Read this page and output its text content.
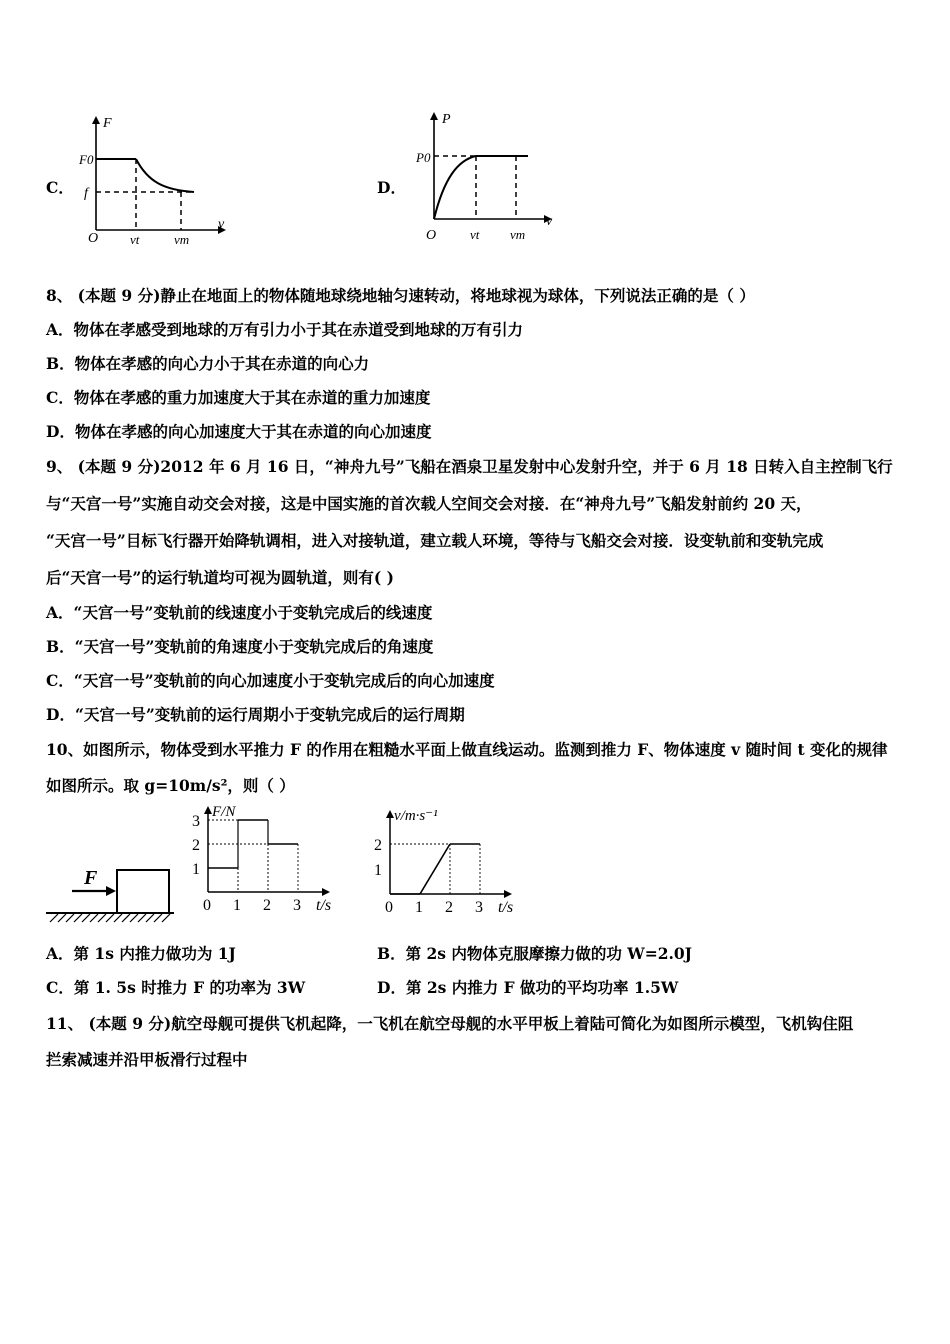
C．
F
F0
f
O vt	vm
v
D．
P
P0
O	vt vm
v
8、 (本题 9 分)静止在地面上的物体随地球绕地轴匀速转动，将地球视为球体，下列说法正确的是（ ）
A．物体在孝感受到地球的万有引力小于其在赤道受到地球的万有引力
B．物体在孝感的向心力小于其在赤道的向心力
C．物体在孝感的重力加速度大于其在赤道的重力加速度
D．物体在孝感的向心加速度大于其在赤道的向心加速度
9、 (本题 9 分)2012 年 6 月 16 日，“神舟九号”飞船在酒泉卫星发射中心发射升空，并于 6 月 18 日转入自主控制飞行
与“天宫一号”实施自动交会对接，这是中国实施的首次载人空间交会对接．在“神舟九号”飞船发射前约 20 天，
“天宫一号”目标飞行器开始降轨调相，进入对接轨道，建立载人环境，等待与飞船交会对接．设变轨前和变轨完成
后“天宫一号”的运行轨道均可视为圆轨道，则有( )
A．“天宫一号”变轨前的线速度小于变轨完成后的线速度
B．“天宫一号”变轨前的角速度小于变轨完成后的角速度
C．“天宫一号”变轨前的向心加速度小于变轨完成后的向心加速度
D．“天宫一号”变轨前的运行周期小于变轨完成后的运行周期
10、如图所示，物体受到水平推力 F 的作用在粗糙水平面上做直线运动。监测到推力 F、物体速度 v 随时间 t 变化的规律
如图所示。取 g=10m/s²，则（ ）
F
0 1 2 3
1
2
3
t/s
F/N
0 1 2 3
1
2
t/s
v/m·s⁻¹
A．第 1s 内推力做功为 1J	B．第 2s 内物体克服摩擦力做的功 W=2.0J
C．第 1. 5s 时推力 F 的功率为 3W	D．第 2s 内推力 F 做功的平均功率 1.5W
11、 (本题 9 分)航空母舰可提供飞机起降，一飞机在航空母舰的水平甲板上着陆可简化为如图所示模型，飞机钩住阻
拦索减速并沿甲板滑行过程中
